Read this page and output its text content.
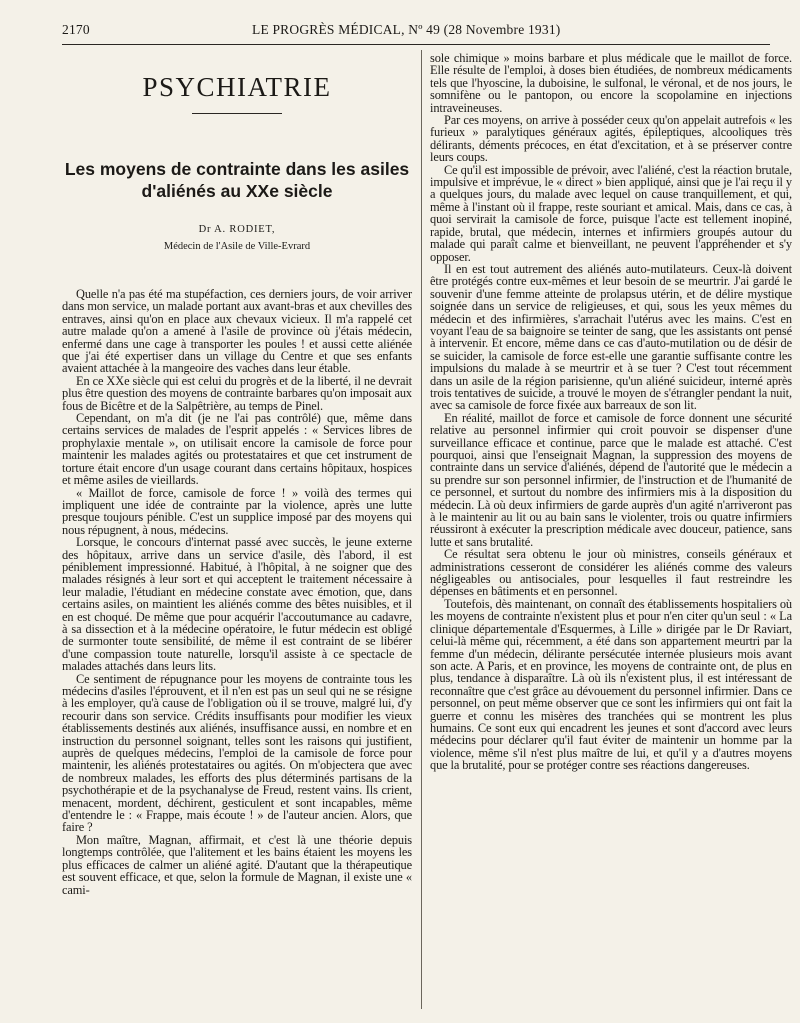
2170	LE PROGRÈS MÉDICAL, Nº 49 (28 Novembre 1931)
PSYCHIATRIE
Les moyens de contrainte dans les asiles
d'aliénés au XXe siècle
Dr A. RODIET,
Médecin de l'Asile de Ville-Evrard

Quelle n'a pas été ma stupéfaction, ces derniers jours, de voir arriver dans mon service, un malade portant aux avant-bras et aux chevilles des entraves, ainsi qu'on en place aux chevaux vicieux. Il m'a rappelé cet autre malade qu'on a amené à l'asile de province où j'étais médecin, enfermé dans une cage à transporter les poules ! et aussi cette aliénée que j'ai été expertiser dans un village du Centre et que ses enfants avaient attachée à la mangeoire des vaches dans leur étable.

En ce XXe siècle qui est celui du progrès et de la liberté, il ne devrait plus être question des moyens de contrainte barbares qu'on imposait aux fous de Bicêtre et de la Salpêtrière, au temps de Pinel.

Cependant, on m'a dit (je ne l'ai pas contrôlé) que, même dans certains services de malades de l'esprit appelés : « Services libres de prophylaxie mentale », on utilisait encore la camisole de force pour maintenir les malades agités ou protestataires et que cet instrument de torture était encore d'un usage courant dans certains hôpitaux, hospices et même asiles de vieillards.

« Maillot de force, camisole de force ! » voilà des termes qui impliquent une idée de contrainte par la violence, après une lutte presque toujours pénible. C'est un supplice imposé par des moyens qui nous répugnent, à nous, médecins.

Lorsque, le concours d'internat passé avec succès, le jeune externe des hôpitaux, arrive dans un service d'asile, dès l'abord, il est péniblement impressionné. Habitué, à l'hôpital, à ne soigner que des malades résignés à leur sort et qui acceptent le traitement nécessaire à leur maladie, l'étudiant en médecine constate avec émotion, que, dans certains asiles, on maintient les aliénés comme des bêtes nuisibles, et il en est choqué. De même que pour acquérir l'accoutumance au cadavre, à sa dissection et à la médecine opératoire, le futur médecin est obligé de surmonter toute sensibilité, de même il est contraint de se libérer d'une compassion toute naturelle, lorsqu'il assiste à ce spectacle de malades attachés dans leurs lits.

Ce sentiment de répugnance pour les moyens de contrainte tous les médecins d'asiles l'éprouvent, et il n'en est pas un seul qui ne se résigne à les employer, qu'à cause de l'obligation où il se trouve, malgré lui, d'y recourir dans son service. Crédits insuffisants pour modifier les vieux établissements destinés aux aliénés, insuffisance aussi, en nombre et en instruction du personnel soignant, telles sont les raisons qui justifient, auprès de quelques médecins, l'emploi de la camisole de force pour maintenir, les aliénés protestataires ou agités. On m'objectera que avec de nombreux malades, les efforts des plus déterminés partisans de la psychothérapie et de la psychanalyse de Freud, restent vains. Ils crient, menacent, mordent, déchirent, gesticulent et sont incapables, même d'entendre le : « Frappe, mais écoute ! » de l'auteur ancien. Alors, que faire ?

Mon maître, Magnan, affirmait, et c'est là une théorie depuis longtemps contrôlée, que l'alitement et les bains étaient les moyens les plus efficaces de calmer un aliéné agité. D'autant que la thérapeutique est souvent efficace, et que, selon la formule de Magnan, il existe une « cami-

sole chimique » moins barbare et plus médicale que le maillot de force. Elle résulte de l'emploi, à doses bien étudiées, de nombreux médicaments tels que l'hyoscine, la duboisine, le sulfonal, le véronal, et de nos jours, le somnifène ou le pantopon, ou encore la scopolamine en injections intraveineuses.

Par ces moyens, on arrive à posséder ceux qu'on appelait autrefois « les furieux » paralytiques généraux agités, épileptiques, alcooliques très délirants, déments précoces, en état d'excitation, et à se préserver contre leurs coups.

Ce qu'il est impossible de prévoir, avec l'aliéné, c'est la réaction brutale, impulsive et imprévue, le « direct » bien appliqué, ainsi que je l'ai reçu il y a quelques jours, du malade avec lequel on cause tranquillement, et qui, même à l'instant où il frappe, reste souriant et amical. Mais, dans ce cas, à quoi servirait la camisole de force, puisque l'acte est tellement inopiné, rapide, brutal, que médecin, internes et infirmiers groupés autour du malade qui paraît calme et bienveillant, ne peuvent l'appréhender et s'y opposer.

Il en est tout autrement des aliénés auto-mutilateurs. Ceux-là doivent être protégés contre eux-mêmes et leur besoin de se meurtrir. J'ai gardé le souvenir d'une femme atteinte de prolapsus utérin, et de délire mystique soignée dans un service de religieuses, et qui, sous les yeux mêmes du médecin et des infirmières, s'arrachait l'utérus avec les mains. C'est en voyant l'eau de sa baignoire se teinter de sang, que les assistants ont pensé à intervenir. Et encore, même dans ce cas d'auto-mutilation ou de désir de se suicider, la camisole de force est-elle une garantie suffisante contre les impulsions du malade à se meurtrir et à se tuer ? C'est tout récemment dans un asile de la région parisienne, qu'un aliéné suicideur, interné après trois tentatives de suicide, a trouvé le moyen de s'étrangler pendant la nuit, avec sa camisole de force fixée aux barreaux de son lit.

En réalité, maillot de force et camisole de force donnent une sécurité relative au personnel infirmier qui croit pouvoir se dispenser d'une surveillance efficace et continue, parce que le malade est attaché. C'est pourquoi, ainsi que l'enseignait Magnan, la suppression des moyens de contrainte dans un service d'aliénés, dépend de l'autorité que le médecin a su prendre sur son personnel infirmier, de l'instruction et de l'humanité de ce personnel, et surtout du nombre des infirmiers mis à la disposition du médecin. Là où deux infirmiers de garde auprès d'un agité n'arriveront pas à le maintenir au lit ou au bain sans le violenter, trois ou quatre infirmiers réussiront à exécuter la prescription médicale avec douceur, patience, sans lutte et sans brutalité.

Ce résultat sera obtenu le jour où ministres, conseils généraux et administrations cesseront de considérer les aliénés comme des valeurs négligeables ou antisociales, pour lesquelles il faut restreindre les dépenses en bâtiments et en personnel.

Toutefois, dès maintenant, on connaît des établissements hospitaliers où les moyens de contrainte n'existent plus et pour n'en citer qu'un seul : « La clinique départementale d'Esquermes, à Lille » dirigée par le Dr Raviart, celui-là même qui, récemment, a été dans son appartement meurtri par la femme d'un médecin, délirante persécutée internée plusieurs mois avant son acte. A Paris, et en province, les moyens de contrainte ont, de plus en plus, tendance à disparaître. Là où ils n'existent plus, il est intéressant de reconnaître que c'est grâce au dévouement du personnel infirmier. Dans ce personnel, on peut même observer que ce sont les infirmiers qui ont fait la guerre et connu les misères des tranchées qui se montrent les plus humains. Ce sont eux qui encadrent les jeunes et sont d'accord avec leurs médecins pour déclarer qu'il faut éviter de maintenir un homme par la violence, même s'il n'est plus maître de lui, et qu'il y a d'autres moyens que la brutalité, pour se protéger contre ses réactions dangereuses.
